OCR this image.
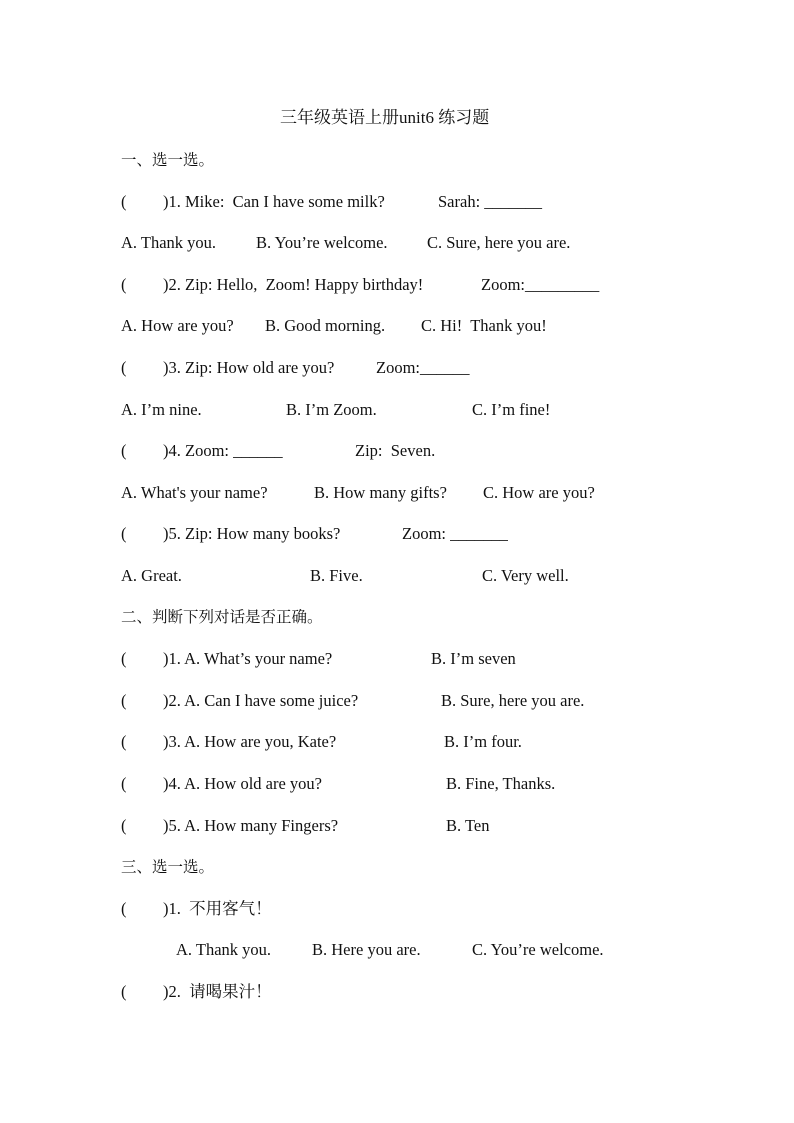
三年级英语上册unit6 练习题
一、选一选。
( )1. Mike:  Can I have some milk?	Sarah: _______
A. Thank you. B. You’re welcome. C. Sure, here you are.
( )2. Zip: Hello,  Zoom! Happy birthday!	Zoom:_________
A. How are you? B. Good morning. C. Hi!  Thank you!
( )3. Zip: How old are you?	Zoom:______
A. I’m nine.	B. I’m Zoom.	C. I’m fine!
( )4. Zoom: ______	Zip:  Seven.
A. What's your name?	B. How many gifts? C. How are you?
( )5. Zip: How many books?	Zoom: _______
A. Great.	B. Five.	C. Very well.
二、判断下列对话是否正确。
( )1. A. What’s your name?	B. I’m seven
( )2. A. Can I have some juice?	B. Sure, here you are.
( )3. A. How are you, Kate?	B. I’m four.
( )4. A. How old are you?	B. Fine, Thanks.
( )5. A. How many Fingers?	B. Ten
三、选一选。
( )1.  不用客气！
A. Thank you. B. Here you are.	C. You’re welcome.
( )2.  请喝果汁！
